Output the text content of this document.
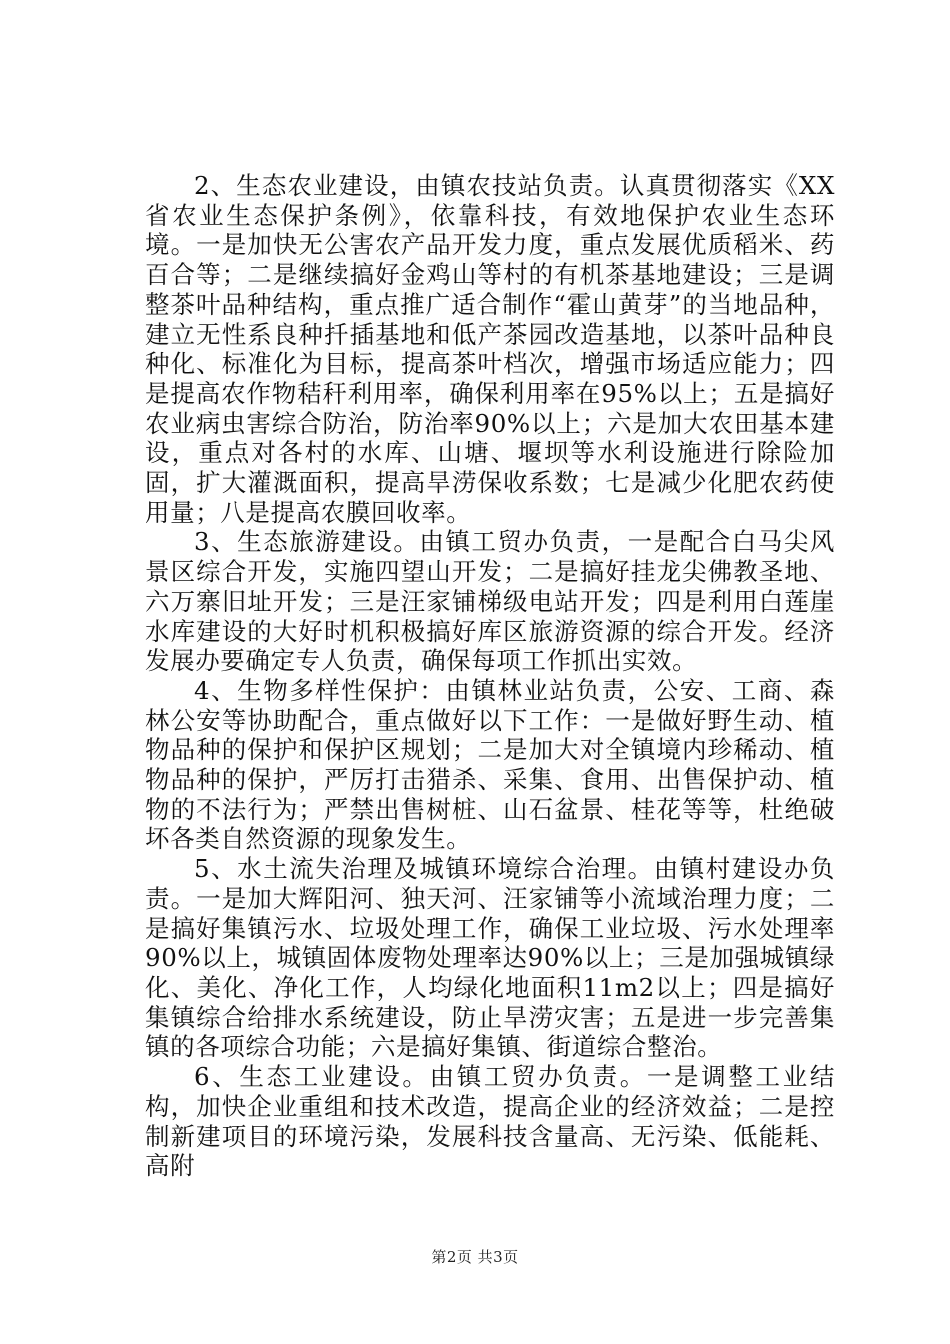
2、生态农业建设，由镇农技站负责。认真贯彻落实《XX省农业生态保护条例》，依靠科技，有效地保护农业生态环境。一是加快无公害农产品开发力度，重点发展优质稻米、药百合等；二是继续搞好金鸡山等村的有机茶基地建设；三是调整茶叶品种结构，重点推广适合制作“霍山黄芽”的当地品种，建立无性系良种扦插基地和低产茶园改造基地，以茶叶品种良种化、标准化为目标，提高茶叶档次，增强市场适应能力；四是提高农作物秸秆利用率，确保利用率在95%以上；五是搞好农业病虫害综合防治，防治率90%以上；六是加大农田基本建设，重点对各村的水库、山塘、堰坝等水利设施进行除险加固，扩大灌溉面积，提高旱涝保收系数；七是减少化肥农药使用量；八是提高农膜回收率。

3、生态旅游建设。由镇工贸办负责，一是配合白马尖风景区综合开发，实施四望山开发；二是搞好挂龙尖佛教圣地、六万寨旧址开发；三是汪家铺梯级电站开发；四是利用白莲崖水库建设的大好时机积极搞好库区旅游资源的综合开发。经济发展办要确定专人负责，确保每项工作抓出实效。

4、生物多样性保护：由镇林业站负责，公安、工商、森林公安等协助配合，重点做好以下工作：一是做好野生动、植物品种的保护和保护区规划；二是加大对全镇境内珍稀动、植物品种的保护，严厉打击猎杀、采集、食用、出售保护动、植物的不法行为；严禁出售树桩、山石盆景、桂花等等，杜绝破坏各类自然资源的现象发生。

5、水土流失治理及城镇环境综合治理。由镇村建设办负责。一是加大辉阳河、独天河、汪家铺等小流域治理力度；二是搞好集镇污水、垃圾处理工作，确保工业垃圾、污水处理率90%以上，城镇固体废物处理率达90%以上；三是加强城镇绿化、美化、净化工作，人均绿化地面积11m2以上；四是搞好集镇综合给排水系统建设，防止旱涝灾害；五是进一步完善集镇的各项综合功能；六是搞好集镇、街道综合整治。

6、生态工业建设。由镇工贸办负责。一是调整工业结构，加快企业重组和技术改造，提高企业的经济效益；二是控制新建项目的环境污染，发展科技含量高、无污染、低能耗、高附

第2页 共3页
